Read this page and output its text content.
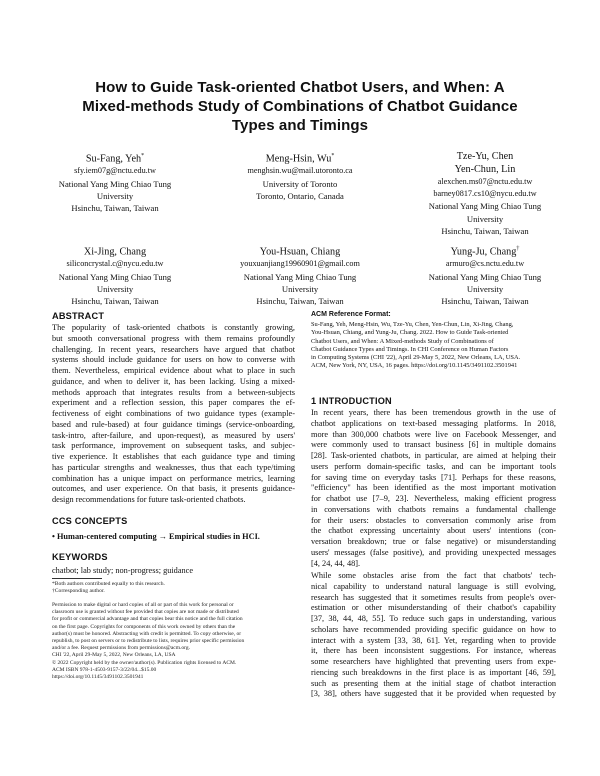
How to Guide Task-oriented Chatbot Users, and When: A
Mixed-methods Study of Combinations of Chatbot Guidance
Types and Timings
Su-Fang, Yeh*
sfy.iem07g@nctu.edu.tw
National Yang Ming Chiao Tung
University
Hsinchu, Taiwan, Taiwan
Meng-Hsin, Wu*
menghsin.wu@mail.utoronto.ca
University of Toronto
Toronto, Ontario, Canada
Tze-Yu, Chen
Yen-Chun, Lin
alexchen.ms07@nctu.edu.tw
barney0817.cs10@nycu.edu.tw
National Yang Ming Chiao Tung
University
Hsinchu, Taiwan, Taiwan
Xi-Jing, Chang
siliconcrystal.c@nycu.edu.tw
National Yang Ming Chiao Tung
University
Hsinchu, Taiwan, Taiwan
You-Hsuan, Chiang
youxuanjiang19960901@gmail.com
National Yang Ming Chiao Tung
University
Hsinchu, Taiwan, Taiwan
Yung-Ju, Chang†
armuro@cs.nctu.edu.tw
National Yang Ming Chiao Tung
University
Hsinchu, Taiwan, Taiwan
ABSTRACT
The popularity of task-oriented chatbots is constantly growing,
but smooth conversational progress with them remains profoundly
challenging. In recent years, researchers have argued that chatbot
systems should include guidance for users on how to converse with
them. Nevertheless, empirical evidence about what to place in such
guidance, and when to deliver it, has been lacking. Using a mixed-
methods approach that integrates results from a between-subjects
experiment and a reflection session, this paper compares the ef-
fectiveness of eight combinations of two guidance types (example-
based and rule-based) at four guidance timings (service-onboarding,
task-intro, after-failure, and upon-request), as measured by users'
task performance, improvement on subsequent tasks, and subjec-
tive experience. It establishes that each guidance type and timing
has particular strengths and weaknesses, thus that each type/timing
combination has a unique impact on performance metrics, learning
outcomes, and user experience. On that basis, it presents guidance-
design recommendations for future task-oriented chatbots.
CCS CONCEPTS
• Human-centered computing → Empirical studies in HCI.
KEYWORDS
chatbot; lab study; non-progress; guidance
*Both authors contributed equally to this research.
†Corresponding author.
Permission to make digital or hard copies of all or part of this work for personal or
classroom use is granted without fee provided that copies are not made or distributed
for profit or commercial advantage and that copies bear this notice and the full citation
on the first page. Copyrights for components of this work owned by others than the
author(s) must be honored. Abstracting with credit is permitted. To copy otherwise, or
republish, to post on servers or to redistribute to lists, requires prior specific permission
and/or a fee. Request permissions from permissions@acm.org.
CHI '22, April 29-May 5, 2022, New Orleans, LA, USA
© 2022 Copyright held by the owner/author(s). Publication rights licensed to ACM.
ACM ISBN 978-1-4503-9157-3/22/04...$15.00
https://doi.org/10.1145/3491102.3501941
ACM Reference Format:
Su-Fang, Yeh, Meng-Hsin, Wu, Tze-Yu, Chen, Yen-Chun, Lin, Xi-Jing, Chang,
You-Hsuan, Chiang, and Yung-Ju, Chang. 2022. How to Guide Task-oriented
Chatbot Users, and When: A Mixed-methods Study of Combinations of
Chatbot Guidance Types and Timings. In CHI Conference on Human Factors
in Computing Systems (CHI '22), April 29-May 5, 2022, New Orleans, LA, USA.
ACM, New York, NY, USA, 16 pages. https://doi.org/10.1145/3491102.3501941
1 INTRODUCTION
In recent years, there has been tremendous growth in the use of
chatbot applications on text-based messaging platforms. In 2018,
more than 300,000 chatbots were live on Facebook Messenger, and
were commonly used to transact business [6] in multiple domains
[28]. Task-oriented chatbots, in particular, are aimed at helping their
users perform domain-specific tasks, and can be important tools
for saving time on everyday tasks [71]. Perhaps for these reasons,
"efficiency" has been identified as the most important motivation
for chatbot use [7–9, 23]. Nevertheless, making efficient progress
in conversations with chatbots remains a fundamental challenge
for their users: obstacles to conversation commonly arise from
the chatbot expressing uncertainty about users' intentions (con-
versation breakdown; true or false negative) or misunderstanding
users' messages (false positive), and providing unexpected messages
[4, 24, 44, 48].
While some obstacles arise from the fact that chatbots' tech-
nical capability to understand natural language is still evolving,
research has suggested that it sometimes results from people's over-
estimation or other misunderstanding of their chatbot's capability
[37, 38, 44, 48, 55]. To reduce such gaps in understanding, various
scholars have recommended providing specific guidance on how to
interact with a system [33, 38, 61]. Yet, regarding when to provide
it, there has been inconsistent suggestions. For instance, whereas
some researchers have highlighted that preventing users from expe-
riencing such breakdowns in the first place is as important [46, 59],
such as presenting them at the initial stage of chatbot interaction
[3, 38], others have suggested that it be provided when requested by
